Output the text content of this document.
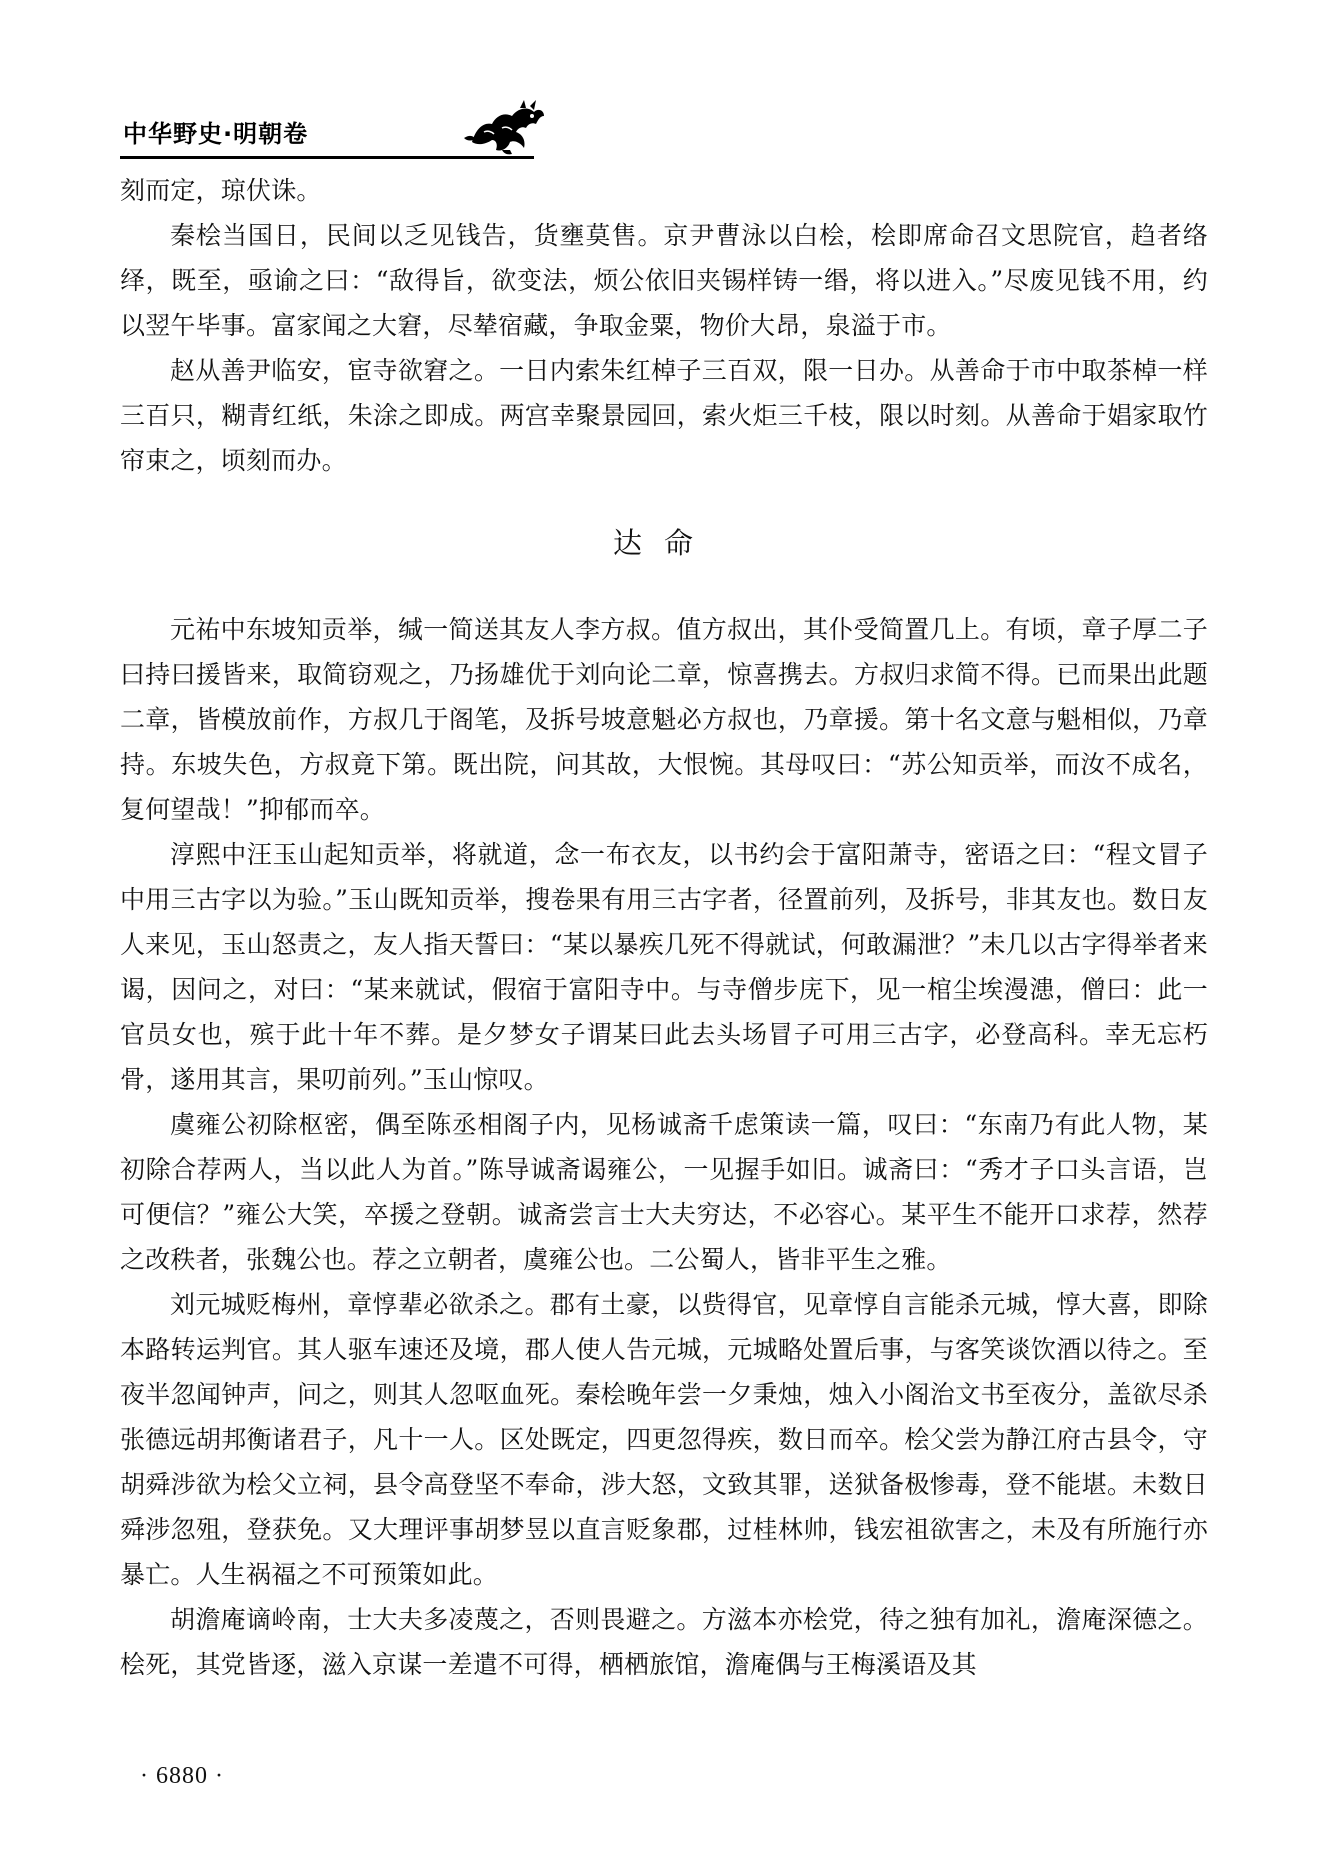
中华野史·明朝卷

刻而定，琼伏诛。

秦桧当国日，民间以乏见钱告，货壅莫售。京尹曹泳以白桧，桧即席命召文思院官，趋者络绎，既至，亟谕之曰：“敌得旨，欲变法，烦公依旧夹锡样铸一缗，将以进入。”尽废见钱不用，约以翌午毕事。富家闻之大窘，尽辇宿藏，争取金粟，物价大昂，泉溢于市。

赵从善尹临安，宦寺欲窘之。一日内索朱红棹子三百双，限一日办。从善命于市中取茶棹一样三百只，糊青红纸，朱涂之即成。两宫幸聚景园回，索火炬三千枝，限以时刻。从善命于娼家取竹帘束之，顷刻而办。

达命

元祐中东坡知贡举，缄一简送其友人李方叔。值方叔出，其仆受简置几上。有顷，章子厚二子曰持曰援皆来，取简窃观之，乃扬雄优于刘向论二章，惊喜携去。方叔归求简不得。已而果出此题二章，皆模放前作，方叔几于阁笔，及拆号坡意魁必方叔也，乃章援。第十名文意与魁相似，乃章持。东坡失色，方叔竟下第。既出院，问其故，大恨惋。其母叹曰：“苏公知贡举，而汝不成名，复何望哉！”抑郁而卒。

淳熙中汪玉山起知贡举，将就道，念一布衣友，以书约会于富阳萧寺，密语之曰：“程文冒子中用三古字以为验。”玉山既知贡举，搜卷果有用三古字者，径置前列，及拆号，非其友也。数日友人来见，玉山怒责之，友人指天誓曰：“某以暴疾几死不得就试，何敢漏泄？”未几以古字得举者来谒，因问之，对曰：“某来就试，假宿于富阳寺中。与寺僧步庑下，见一棺尘埃漫漶，僧曰：此一官员女也，殡于此十年不葬。是夕梦女子谓某曰此去头场冒子可用三古字，必登高科。幸无忘朽骨，遂用其言，果叨前列。”玉山惊叹。

虞雍公初除枢密，偶至陈丞相阁子内，见杨诚斋千虑策读一篇，叹曰：“东南乃有此人物，某初除合荐两人，当以此人为首。”陈导诚斋谒雍公，一见握手如旧。诚斋曰：“秀才子口头言语，岂可便信？”雍公大笑，卒援之登朝。诚斋尝言士大夫穷达，不必容心。某平生不能开口求荐，然荐之改秩者，张魏公也。荐之立朝者，虞雍公也。二公蜀人，皆非平生之雅。

刘元城贬梅州，章惇辈必欲杀之。郡有土豪，以赀得官，见章惇自言能杀元城，惇大喜，即除本路转运判官。其人驱车速还及境，郡人使人告元城，元城略处置后事，与客笑谈饮酒以待之。至夜半忽闻钟声，问之，则其人忽呕血死。秦桧晚年尝一夕秉烛，烛入小阁治文书至夜分，盖欲尽杀张德远胡邦衡诸君子，凡十一人。区处既定，四更忽得疾，数日而卒。桧父尝为静江府古县令，守胡舜涉欲为桧父立祠，县令高登坚不奉命，涉大怒，文致其罪，送狱备极惨毒，登不能堪。未数日舜涉忽殂，登获免。又大理评事胡梦昱以直言贬象郡，过桂林帅，钱宏祖欲害之，未及有所施行亦暴亡。人生祸福之不可预策如此。

胡澹庵谪岭南，士大夫多凌蔑之，否则畏避之。方滋本亦桧党，待之独有加礼，澹庵深德之。桧死，其党皆逐，滋入京谋一差遣不可得，栖栖旅馆，澹庵偶与王梅溪语及其

· 6880 ·
